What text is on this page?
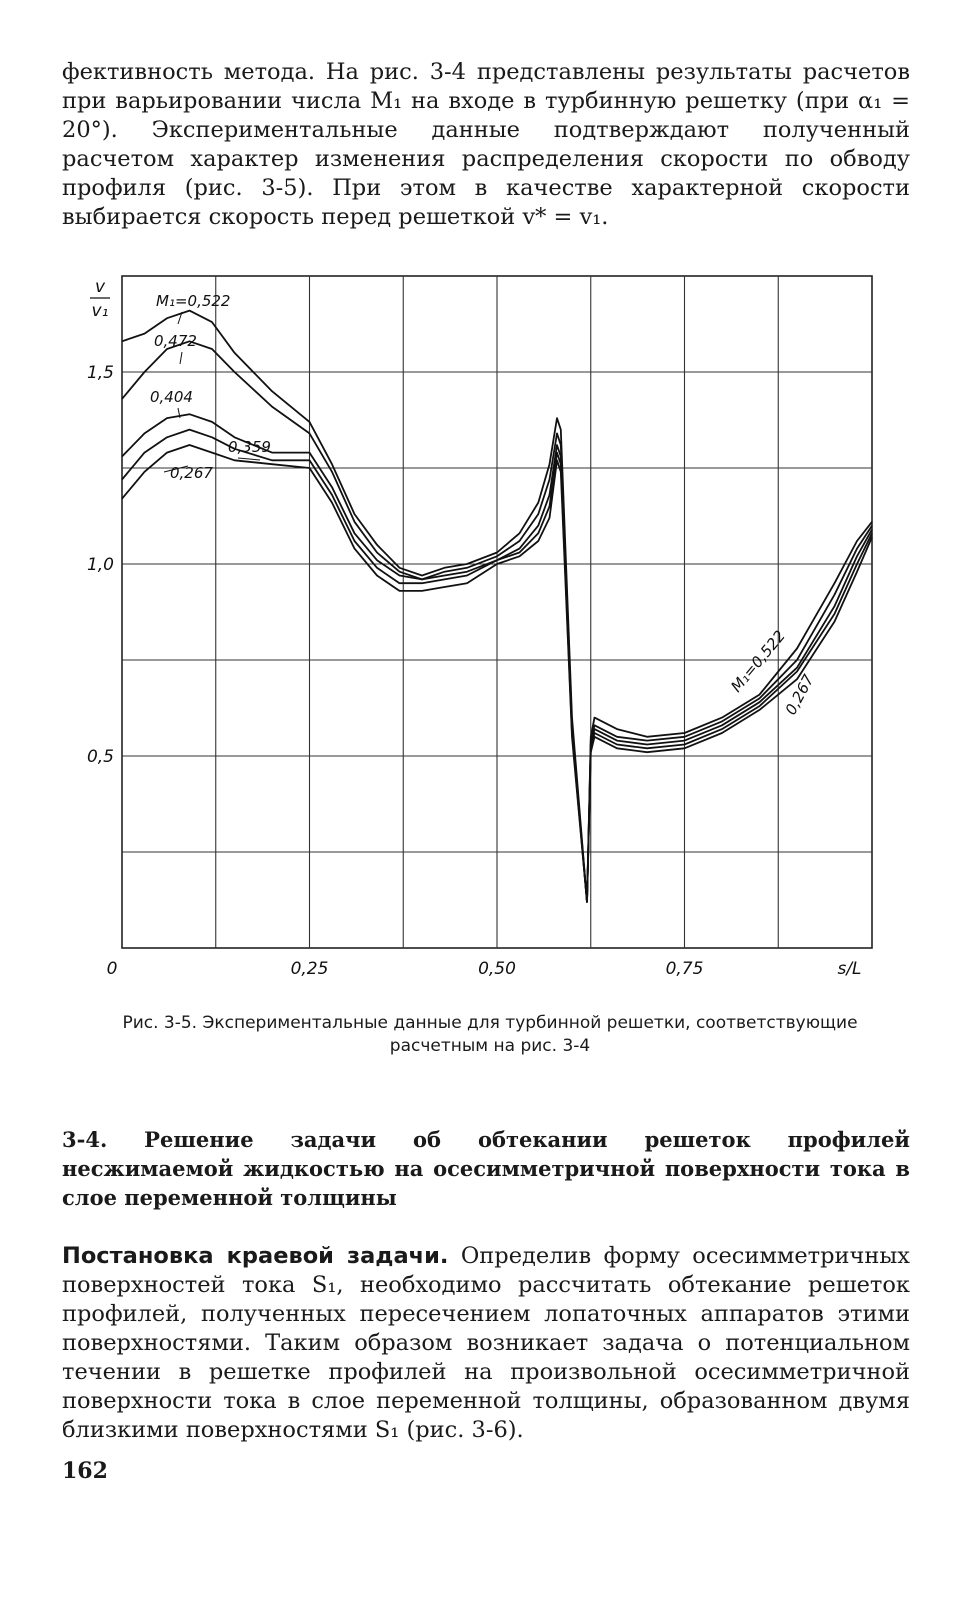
фективность метода. На рис. 3-4 представлены результаты расчетов при варьировании числа M₁ на входе в турбинную решетку (при α₁ = 20°). Экспериментальные данные подтверждают полученный расчетом характер изменения распределения скорости по обводу профиля (рис. 3-5). При этом в качестве характерной скорости выбирается скорость перед решеткой v* = v₁.

0	0,25	0,50	0,75	s/L
0,5
1,0
1,5
v
v₁	M₁=0,522
0,472
0,404
0,359
0,267
M₁=0,522
0,267

Рис. 3-5. Экспериментальные данные для турбинной решетки, соответствующие расчетным на рис. 3-4

3-4. Решение задачи об обтекании решеток профилей несжимаемой жидкостью на осесимметричной поверхности тока в слое переменной толщины

Постановка краевой задачи. Определив форму осесимметричных поверхностей тока S₁, необходимо рассчитать обтекание решеток профилей, полученных пересечением лопаточных аппаратов этими поверхностями. Таким образом возникает задача о потенциальном течении в решетке профилей на произвольной осесимметричной поверхности тока в слое переменной толщины, образованном двумя близкими поверхностями S₁ (рис. 3-6).

162
